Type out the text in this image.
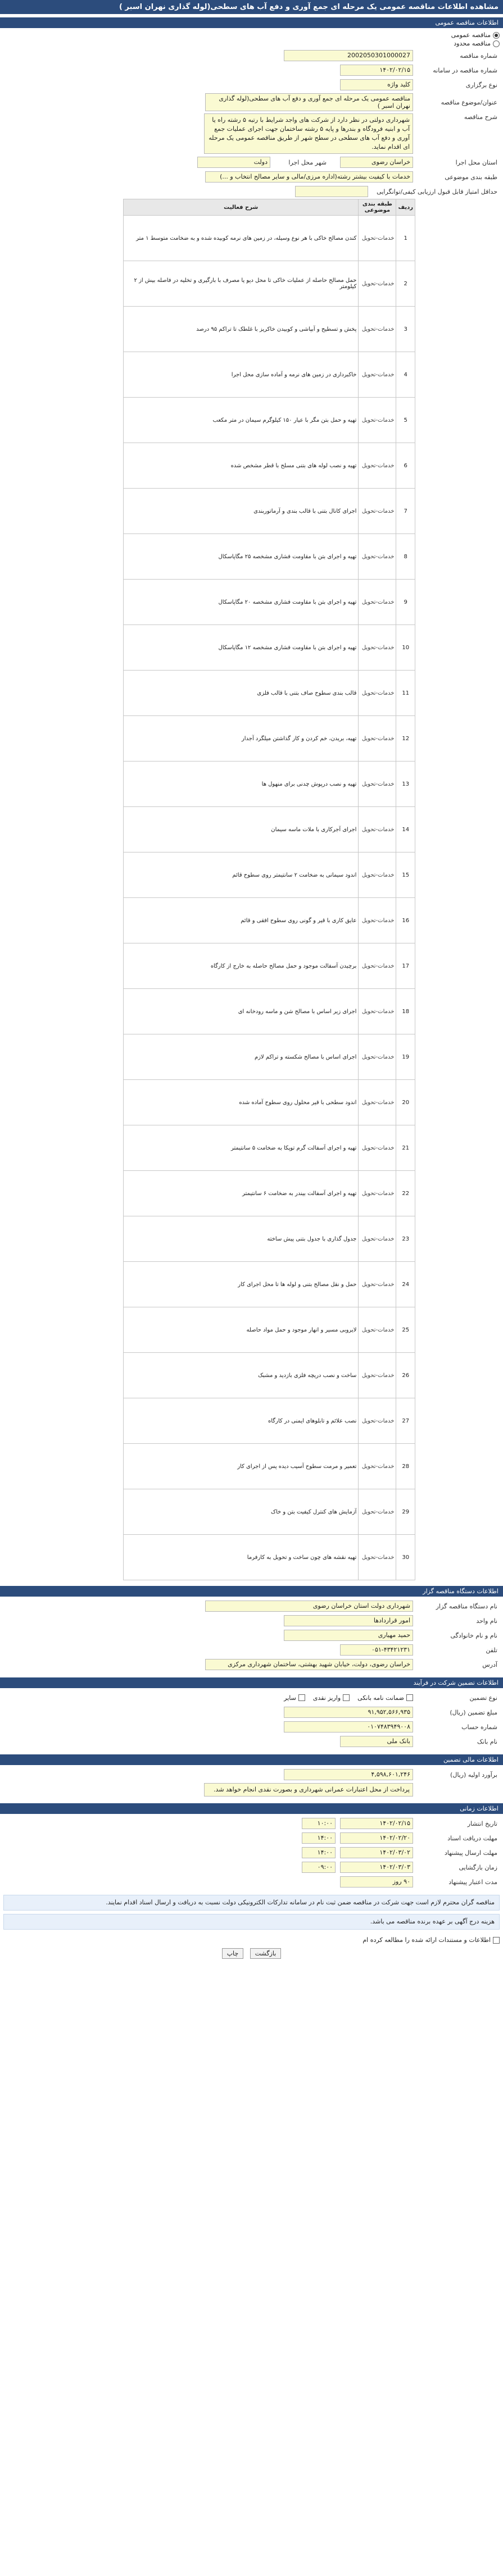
مشاهده اطلاعات مناقصه عمومی یک مرحله ای جمع آوری و دفع آب های سطحی(لوله گذاری نهران اسبر )
اطلاعات مناقصه عمومی
مناقصه عمومی
مناقصه محدود
شماره مناقصه
2002050301000027
شماره مناقصه در سامانه
۱۴۰۲/۰۲/۱۵
نوع برگزاری
کلید واژه
عنوان/موضوع مناقصه
مناقصه عمومی یک مرحله ای جمع آوری و دفع آب های سطحی(لوله گذاری نهران اسبر )
شرح مناقصه
شهرداری دولتی در نظر دارد از شرکت های واجد شرایط با رتبه ۵ رشته راه یا آب و ابنیه فرودگاه و بندرها و پایه ۵ رشته ساختمان جهت اجرای عملیات جمع آوری و دفع آب های سطحی در سطح شهر از طریق مناقصه عمومی یک مرحله ای اقدام نماید.
استان محل اجرا
خراسان رضوی
شهر محل اجرا
دولت
طبقه بندی موضوعی
خدمات با کیفیت بیشتر رشته(اداره مرزی/مالی و سایر مصالح انتخاب و ...)
حداقل امتیاز قابل قبول ارزیابی کیفی/توانگرایی
ردیف	طبقه بندی موضوعی	شرح فعالیت
1	خدمات-تحویل	کندن مصالح خاکی با هر نوع وسیله، در زمین های نرمه کوبیده شده و به ضخامت متوسط ۱ متر
2	خدمات-تحویل	حمل مصالح حاصله از عملیات خاکی تا محل دپو یا مصرف با بارگیری و تخلیه در فاصله بیش از ۲ کیلومتر
3	خدمات-تحویل	پخش و تسطیح و آبپاشی و کوبیدن خاکریز با غلطک تا تراکم ۹۵ درصد
4	خدمات-تحویل	خاکبرداری در زمین های نرمه و آماده سازی محل اجرا
5	خدمات-تحویل	تهیه و حمل بتن مگر با عیار ۱۵۰ کیلوگرم سیمان در متر مکعب
6	خدمات-تحویل	تهیه و نصب لوله های بتنی مسلح با قطر مشخص شده
7	خدمات-تحویل	اجرای کانال بتنی با قالب بندی و آرماتوربندی
8	خدمات-تحویل	تهیه و اجرای بتن با مقاومت فشاری مشخصه ۲۵ مگاپاسکال
9	خدمات-تحویل	تهیه و اجرای بتن با مقاومت فشاری مشخصه ۲۰ مگاپاسکال
10	خدمات-تحویل	تهیه و اجرای بتن با مقاومت فشاری مشخصه ۱۲ مگاپاسکال
11	خدمات-تحویل	قالب بندی سطوح صاف بتنی با قالب فلزی
12	خدمات-تحویل	تهیه، بریدن، خم کردن و کار گذاشتن میلگرد آجدار
13	خدمات-تحویل	تهیه و نصب درپوش چدنی برای منهول ها
14	خدمات-تحویل	اجرای آجرکاری با ملات ماسه سیمان
15	خدمات-تحویل	اندود سیمانی به ضخامت ۲ سانتیمتر روی سطوح قائم
16	خدمات-تحویل	عایق کاری با قیر و گونی روی سطوح افقی و قائم
17	خدمات-تحویل	برچیدن آسفالت موجود و حمل مصالح حاصله به خارج از کارگاه
18	خدمات-تحویل	اجرای زیر اساس با مصالح شن و ماسه رودخانه ای
19	خدمات-تحویل	اجرای اساس با مصالح شکسته و تراکم لازم
20	خدمات-تحویل	اندود سطحی با قیر محلول روی سطوح آماده شده
21	خدمات-تحویل	تهیه و اجرای آسفالت گرم توپکا به ضخامت ۵ سانتیمتر
22	خدمات-تحویل	تهیه و اجرای آسفالت بیندر به ضخامت ۶ سانتیمتر
23	خدمات-تحویل	جدول گذاری با جدول بتنی پیش ساخته
24	خدمات-تحویل	حمل و نقل مصالح بتنی و لوله ها تا محل اجرای کار
25	خدمات-تحویل	لایروبی مسیر و انهار موجود و حمل مواد حاصله
26	خدمات-تحویل	ساخت و نصب دریچه فلزی بازدید و مشبک
27	خدمات-تحویل	نصب علائم و تابلوهای ایمنی در کارگاه
28	خدمات-تحویل	تعمیر و مرمت سطوح آسیب دیده پس از اجرای کار
29	خدمات-تحویل	آزمایش های کنترل کیفیت بتن و خاک
30	خدمات-تحویل	تهیه نقشه های چون ساخت و تحویل به کارفرما
اطلاعات دستگاه مناقصه گزار
نام دستگاه مناقصه گزار
شهرداری دولت استان خراسان رضوی
نام واحد
امور قراردادها
نام و نام خانوادگی
حمید مهیاری
تلفن
۰۵۱-۴۳۴۲۱۲۳۱
آدرس
خراسان رضوی، دولت، خیابان شهید بهشتی، ساختمان شهرداری مرکزی
اطلاعات تضمین شرکت در فرآیند
نوع تضمین
ضمانت نامه بانکی
واریز نقدی
سایر
مبلغ تضمین (ریال)
۹۱,۹۵۲,۵۶۶,۹۳۵
شماره حساب
۰۱۰۷۴۸۳۹۴۹۰۰۸
نام بانک
بانک ملی
اطلاعات مالی تضمین
برآورد اولیه (ریال)
۴,۵۹۸,۶۰۱,۲۴۶
پرداخت از محل اعتبارات عمرانی شهرداری و بصورت نقدی انجام خواهد شد.
اطلاعات زمانی
تاریخ انتشار
۱۴۰۲/۰۲/۱۵
۱۰:۰۰
مهلت دریافت اسناد
۱۴۰۲/۰۲/۲۰
۱۴:۰۰
مهلت ارسال پیشنهاد
۱۴۰۲/۰۳/۰۲
۱۴:۰۰
زمان بازگشایی
۱۴۰۲/۰۳/۰۳
۰۹:۰۰
مدت اعتبار پیشنهاد
۹۰ روز
مناقصه گران محترم لازم است جهت شرکت در مناقصه ضمن ثبت نام در سامانه تدارکات الکترونیکی دولت نسبت به دریافت و ارسال اسناد اقدام نمایند.
هزینه درج آگهی بر عهده برنده مناقصه می باشد.
اطلاعات و مستندات ارائه شده را مطالعه کرده ام
بازگشت چاپ
